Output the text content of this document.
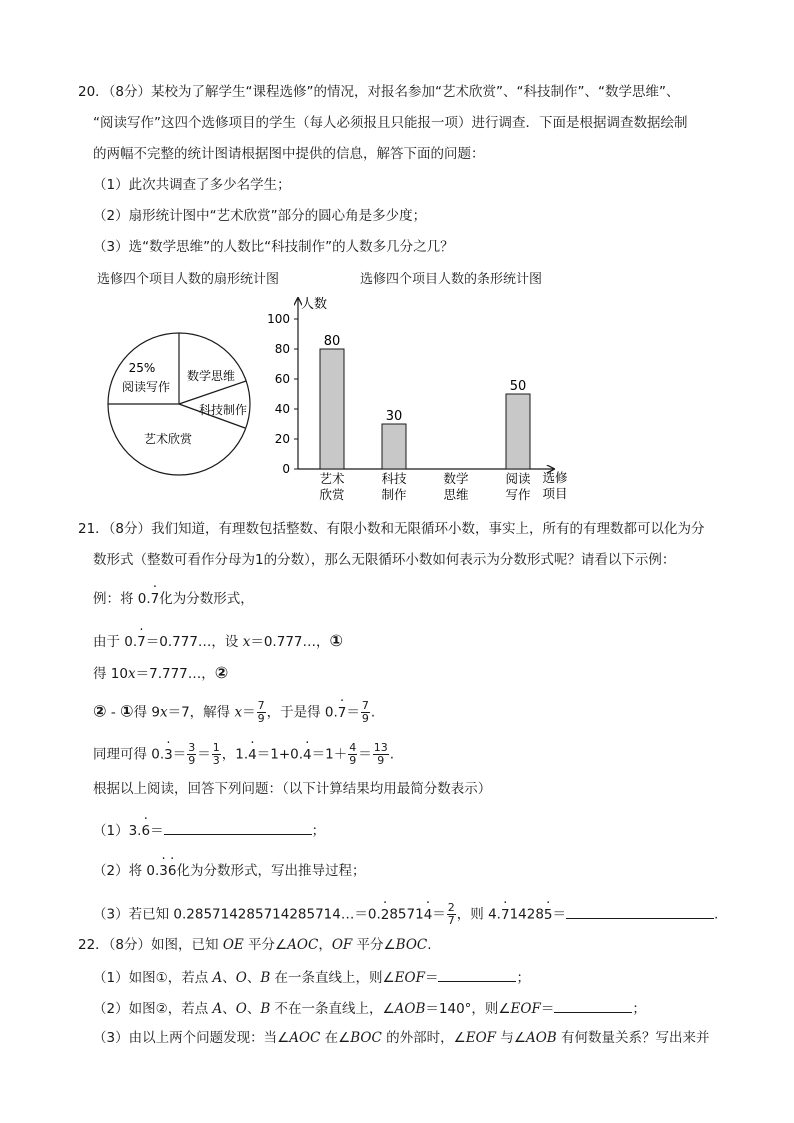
20．（8分）某校为了解学生“课程选修”的情况，对报名参加“艺术欣赏”、“科技制作”、“数学思维”、
“阅读写作”这四个选修项目的学生（每人必须报且只能报一项）进行调查．下面是根据调查数据绘制
的两幅不完整的统计图请根据图中提供的信息，解答下面的问题：
（1）此次共调查了多少名学生；
（2）扇形统计图中“艺术欣赏”部分的圆心角是多少度；
（3）选“数学思维”的人数比“科技制作”的人数多几分之几？
选修四个项目人数的扇形统计图	选修四个项目人数的条形统计图
25%
阅读写作
数学思维
科技制作
艺术欣赏
人数
0
20
40
60
80
100
80
30
50
艺术
欣赏
科技
制作
数学
思维
阅读
写作
选修
项目
21．（8分）我们知道，有理数包括整数、有限小数和无限循环小数，事实上，所有的有理数都可以化为分
数形式（整数可看作分母为1的分数），那么无限循环小数如何表示为分数形式呢？请看以下示例：
例：将 0.· 7化为分数形式，
由于 0.· 7＝0.777…，设 x＝0.777…，①
得 10x＝7.777…，②
② - ①得 9x＝7，解得 $x= \frac{7}{9}$ ，于是得 $0.\cdot 7= \frac{7}{9}$ .
同理可得 $0.\cdot 3= \frac{3}{9} = \frac{1}{3}$ ，$1.\cdot 4=1+0.\cdot 4=1+ \frac{4}{9} = \frac{13}{9}$ .
根据以上阅读，回答下列问题：（以下计算结果均用最简分数表示）
（1）3.· 6＝	；
（2）将 0.· 3· 6化为分数形式，写出推导过程；
（3）若已知 0.285714285714285714…＝0.· $28571\cdot 4= \frac{2}{7}$ ，则 4.· 71428· 5＝	.
22．（8分）如图，已知 OE 平分∠AOC，OF 平分∠BOC.
（1）如图①，若点 A、O、B 在一条直线上，则∠EOF＝	；
（2）如图②，若点 A、O、B 不在一条直线上，∠AOB＝140°，则∠EOF＝	；
（3）由以上两个问题发现：当∠AOC 在∠BOC 的外部时，∠EOF 与∠AOB 有何数量关系？写出来并
